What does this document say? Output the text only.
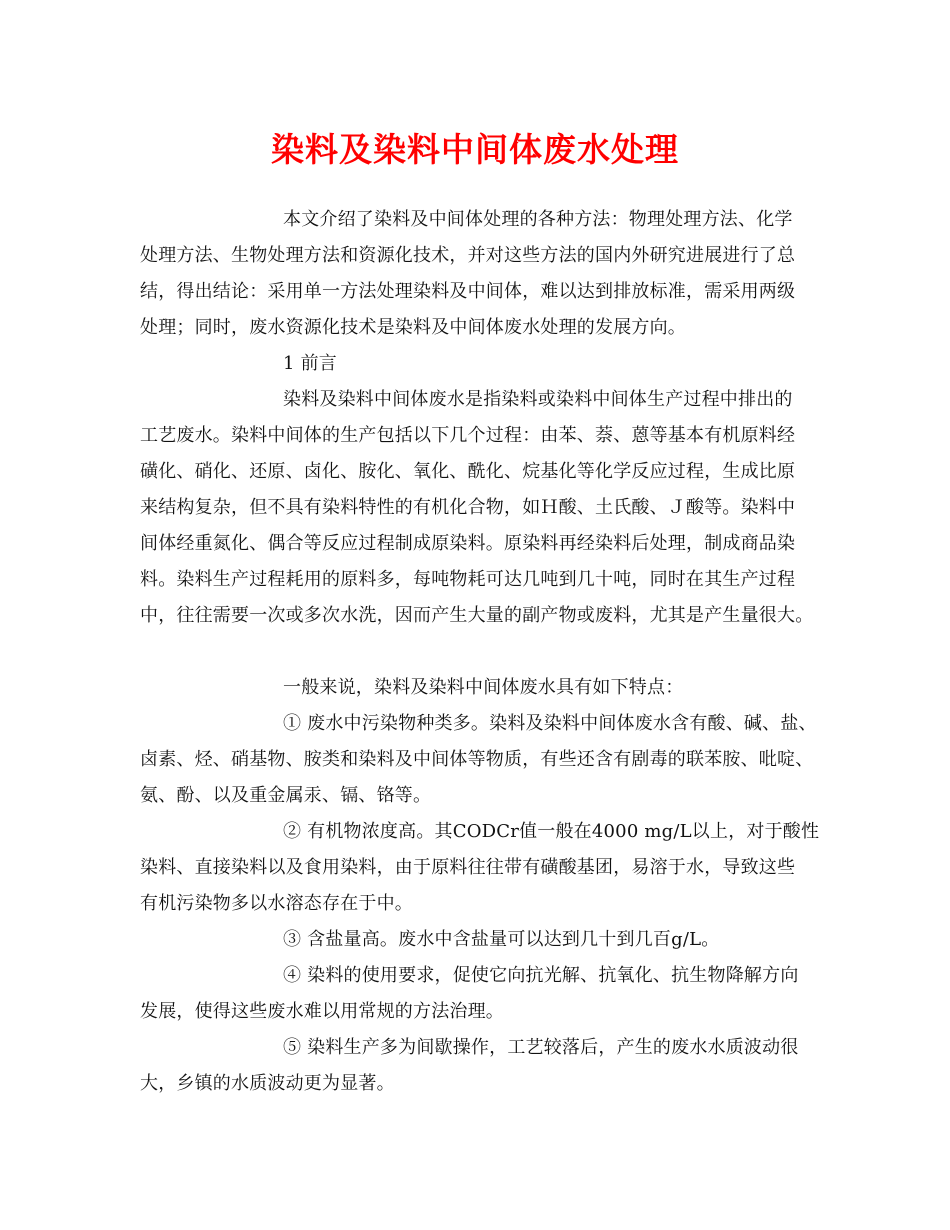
染料及染料中间体废水处理
本文介绍了染料及中间体处理的各种方法：物理处理方法、化学
处理方法、生物处理方法和资源化技术，并对这些方法的国内外研究进展进行了总
结，得出结论：采用单一方法处理染料及中间体，难以达到排放标准，需采用两级
处理；同时，废水资源化技术是染料及中间体废水处理的发展方向。
1 前言
染料及染料中间体废水是指染料或染料中间体生产过程中排出的
工艺废水。染料中间体的生产包括以下几个过程：由苯、萘、蒽等基本有机原料经
磺化、硝化、还原、卤化、胺化、氧化、酰化、烷基化等化学反应过程，生成比原
来结构复杂，但不具有染料特性的有机化合物，如Ｈ酸、土氏酸、Ｊ酸等。染料中
间体经重氮化、偶合等反应过程制成原染料。原染料再经染料后处理，制成商品染
料。染料生产过程耗用的原料多，每吨物耗可达几吨到几十吨，同时在其生产过程
中，往往需要一次或多次水洗，因而产生大量的副产物或废料，尤其是产生量很大。
一般来说，染料及染料中间体废水具有如下特点：
① 废水中污染物种类多。染料及染料中间体废水含有酸、碱、盐、
卤素、烃、硝基物、胺类和染料及中间体等物质，有些还含有剧毒的联苯胺、吡啶、
氨、酚、以及重金属汞、镉、铬等。
② 有机物浓度高。其CODCr值一般在4000 mg/L以上，对于酸性
染料、直接染料以及食用染料，由于原料往往带有磺酸基团，易溶于水，导致这些
有机污染物多以水溶态存在于中。
③ 含盐量高。废水中含盐量可以达到几十到几百g/L。
④ 染料的使用要求，促使它向抗光解、抗氧化、抗生物降解方向
发展，使得这些废水难以用常规的方法治理。
⑤ 染料生产多为间歇操作，工艺较落后，产生的废水水质波动很
大，乡镇的水质波动更为显著。
